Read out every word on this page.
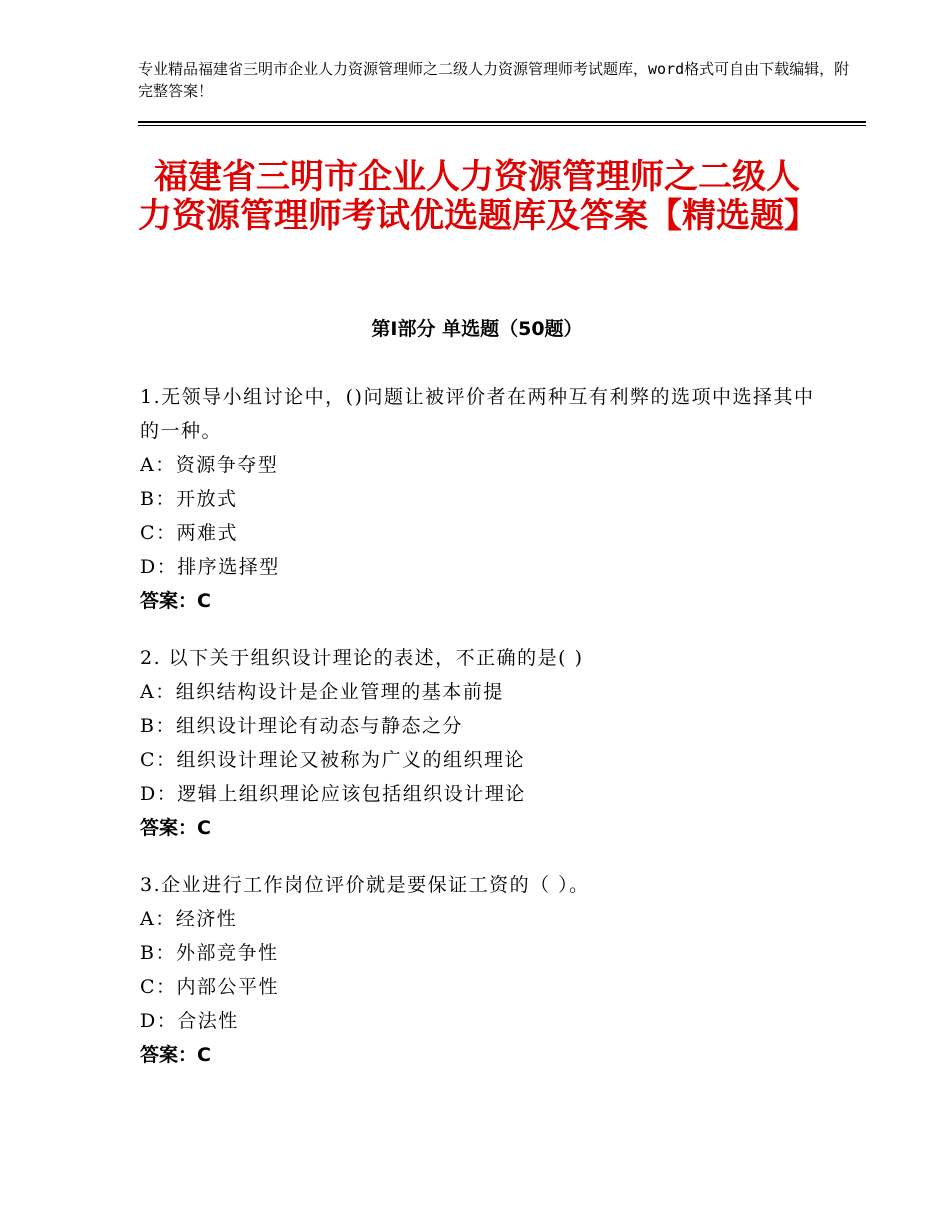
专业精品福建省三明市企业人力资源管理师之二级人力资源管理师考试题库，word格式可自由下载编辑，附完整答案！
福建省三明市企业人力资源管理师之二级人力资源管理师考试优选题库及答案【精选题】
第Ⅰ部分 单选题（50题）

1.无领导小组讨论中，()问题让被评价者在两种互有利弊的选项中选择其中的一种。

A：资源争夺型

B：开放式

C：两难式

D：排序选择型

答案：C

2. 以下关于组织设计理论的表述，不正确的是( )

A：组织结构设计是企业管理的基本前提

B：组织设计理论有动态与静态之分

C：组织设计理论又被称为广义的组织理论

D：逻辑上组织理论应该包括组织设计理论

答案：C

3.企业进行工作岗位评价就是要保证工资的（ ）。

A：经济性

B：外部竞争性

C：内部公平性

D：合法性

答案：C
